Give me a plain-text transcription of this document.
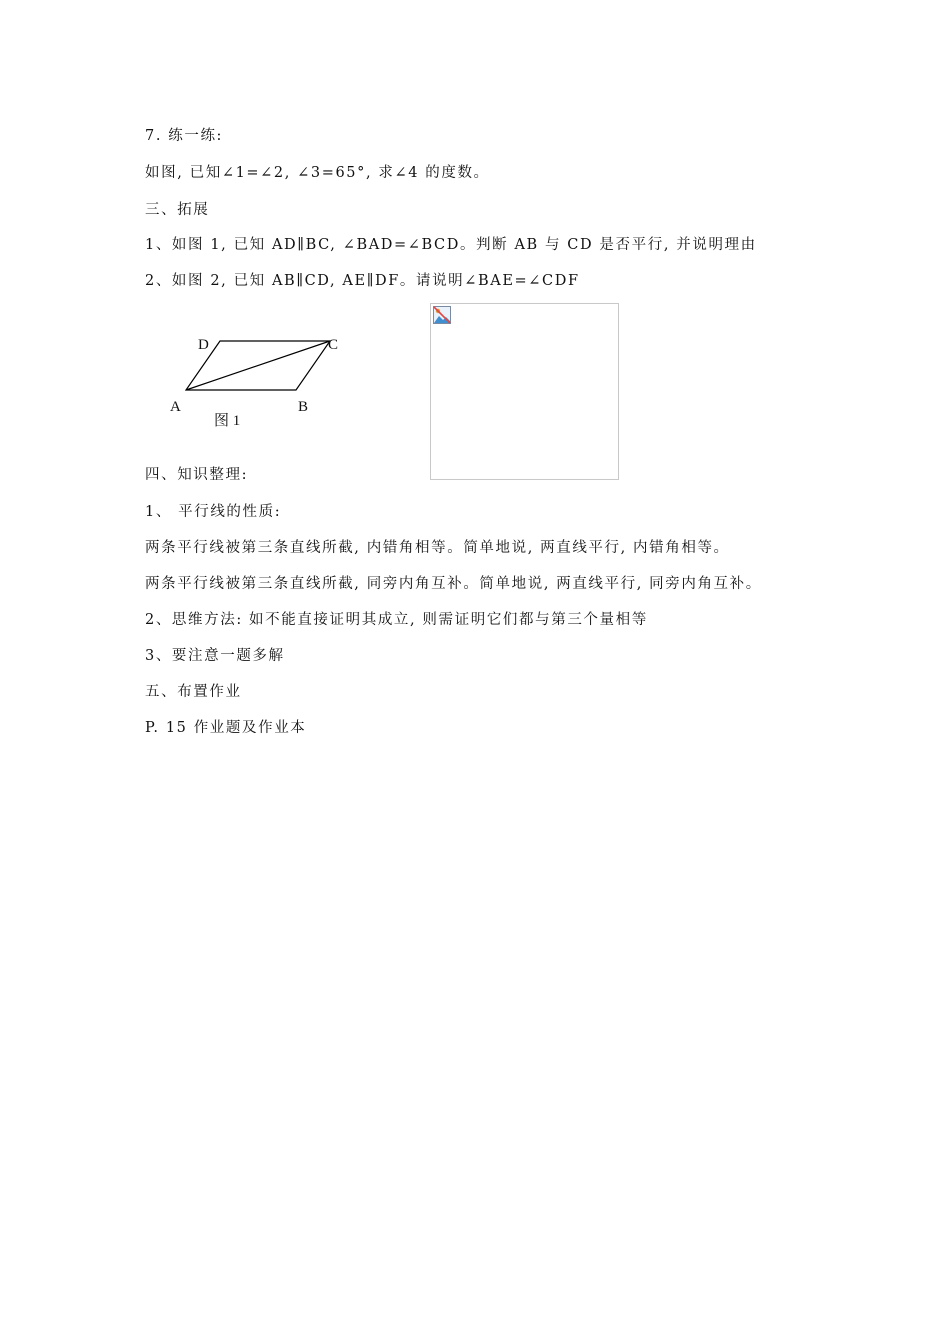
7. 练一练:
如图, 已知∠1=∠2, ∠3=65°, 求∠4 的度数。
三、拓展
1、如图 1, 已知 AD∥BC, ∠BAD=∠BCD。判断 AB 与 CD 是否平行, 并说明理由
2、如图 2, 已知 AB∥CD, AE∥DF。请说明∠BAE=∠CDF
D	C
A	B
图 1
四、知识整理:
1、 平行线的性质:
两条平行线被第三条直线所截, 内错角相等。简单地说, 两直线平行, 内错角相等。
两条平行线被第三条直线所截, 同旁内角互补。简单地说, 两直线平行, 同旁内角互补。
2、思维方法: 如不能直接证明其成立, 则需证明它们都与第三个量相等
3、要注意一题多解
五、布置作业
P. 15 作业题及作业本
